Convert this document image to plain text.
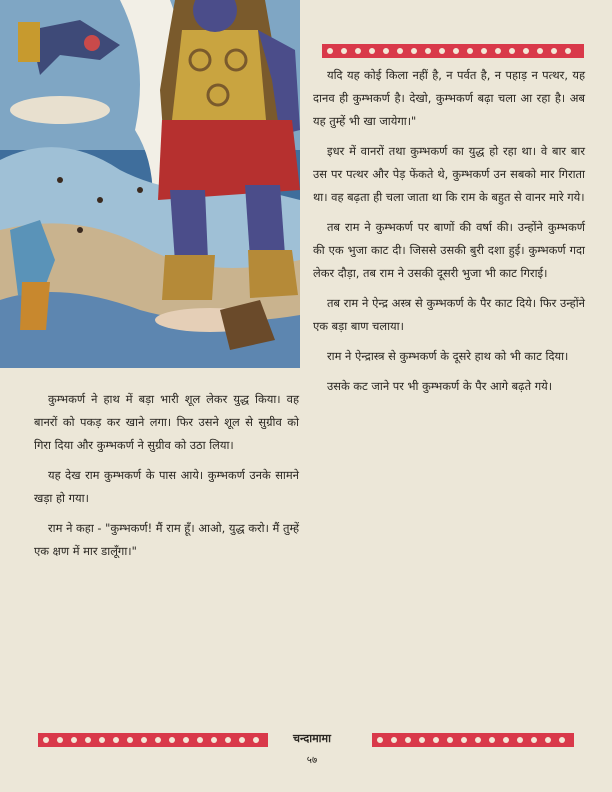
यदि यह कोई किला नहीं है, न पर्वत है, न पहाड़ न पत्थर, यह दानव ही कुम्भकर्ण है। देखो, कुम्भकर्ण बढ़ा चला आ रहा है। अब यह तुम्हें भी खा जायेगा।"

इधर में वानरों तथा कुम्भकर्ण का युद्ध हो रहा था। वे बार बार उस पर पत्थर और पेड़ फेंकते थे, कुम्भकर्ण उन सबको मार गिराता था। वह बढ़ता ही चला जाता था कि राम के बहुत से वानर मारे गये।

तब राम ने कुम्भकर्ण पर बाणों की वर्षा की। उन्होंने कुम्भकर्ण की एक भुजा काट दी। जिससे उसकी बुरी दशा हुई। कुम्भकर्ण गदा लेकर दौड़ा, तब राम ने उसकी दूसरी भुजा भी काट गिराई।

तब राम ने ऐन्द्र अस्त्र से कुम्भकर्ण के पैर काट दिये। फिर उन्होंने एक बड़ा बाण चलाया।

राम ने ऐन्द्रास्त्र से कुम्भकर्ण के दूसरे हाथ को भी काट दिया।

उसके कट जाने पर भी कुम्भकर्ण के पैर आगे बढ़ते गये।

कुम्भकर्ण ने हाथ में बड़ा भारी शूल लेकर युद्ध किया। वह बानरों को पकड़ कर खाने लगा। फिर उसने शूल से सुग्रीव को गिरा दिया और कुम्भकर्ण ने सुग्रीव को उठा लिया।

यह देख राम कुम्भकर्ण के पास आये। कुम्भकर्ण उनके सामने खड़ा हो गया।

राम ने कहा - "कुम्भकर्ण! मैं राम हूँ। आओ, युद्ध करो। मैं तुम्हें एक क्षण में मार डालूँगा।"

चन्दामामा
५७
